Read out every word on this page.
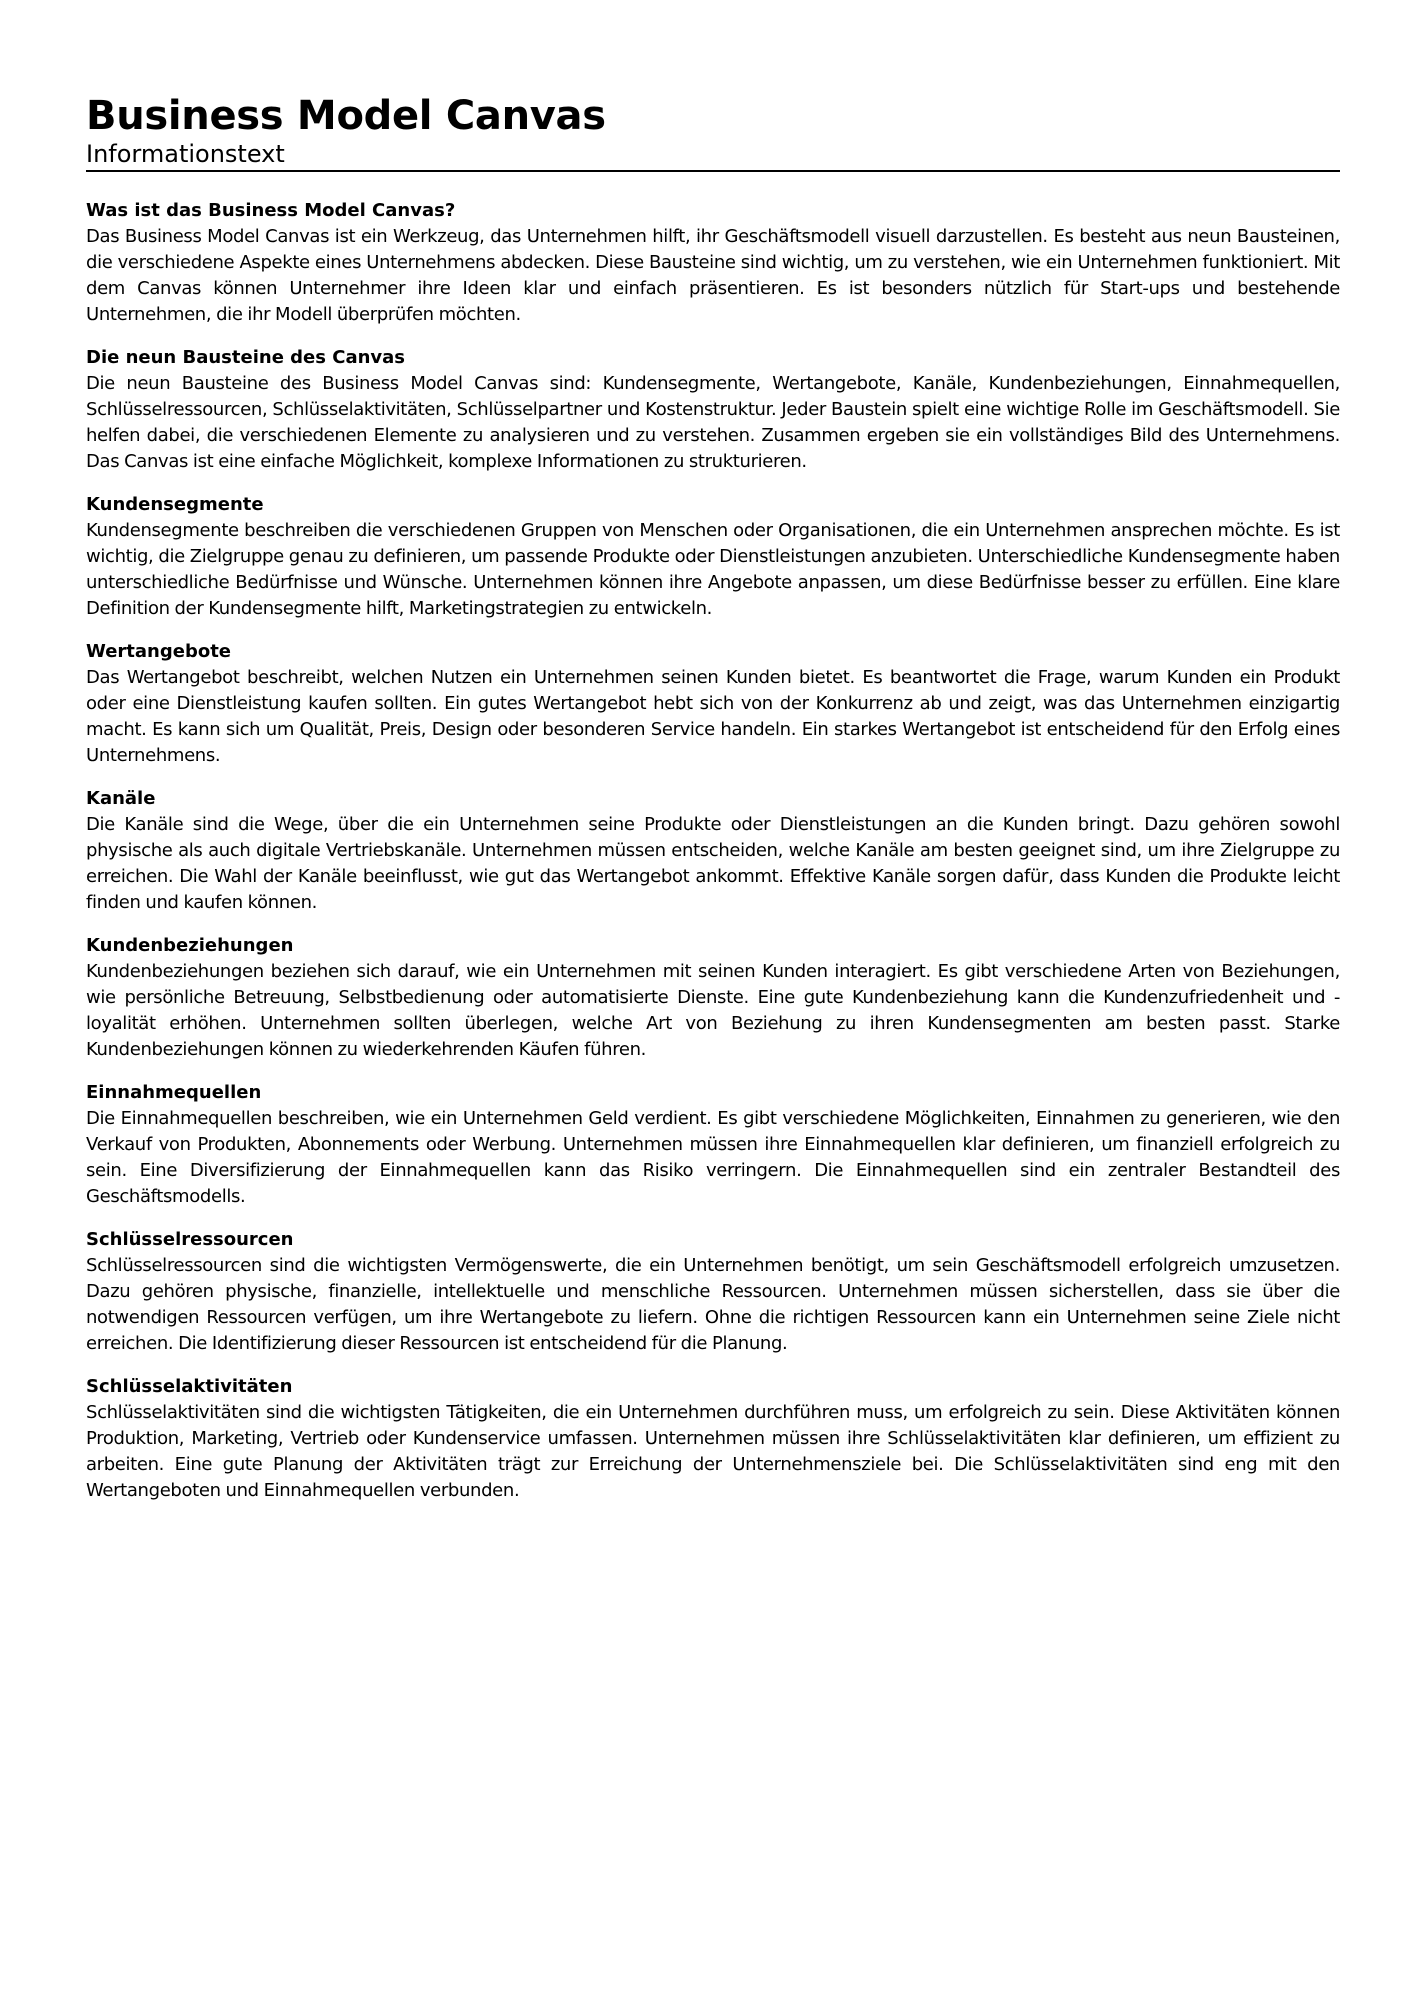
Business Model Canvas
Informationstext
Was ist das Business Model Canvas?

Das Business Model Canvas ist ein Werkzeug, das Unternehmen hilft, ihr Geschäftsmodell visuell darzustellen. Es besteht aus neun Bausteinen, die verschiedene Aspekte eines Unternehmens abdecken. Diese Bausteine sind wichtig, um zu verstehen, wie ein Unternehmen funktioniert. Mit dem Canvas können Unternehmer ihre Ideen klar und einfach präsentieren. Es ist besonders nützlich für Start-ups und bestehende Unternehmen, die ihr Modell überprüfen möchten.

Die neun Bausteine des Canvas

Die neun Bausteine des Business Model Canvas sind: Kundensegmente, Wertangebote, Kanäle, Kundenbeziehungen, Einnahmequellen, Schlüsselressourcen, Schlüsselaktivitäten, Schlüsselpartner und Kostenstruktur. Jeder Baustein spielt eine wichtige Rolle im Geschäftsmodell. Sie helfen dabei, die verschiedenen Elemente zu analysieren und zu verstehen. Zusammen ergeben sie ein vollständiges Bild des Unternehmens. Das Canvas ist eine einfache Möglichkeit, komplexe Informationen zu strukturieren.

Kundensegmente

Kundensegmente beschreiben die verschiedenen Gruppen von Menschen oder Organisationen, die ein Unternehmen ansprechen möchte. Es ist wichtig, die Zielgruppe genau zu definieren, um passende Produkte oder Dienstleistungen anzubieten. Unterschiedliche Kundensegmente haben unterschiedliche Bedürfnisse und Wünsche. Unternehmen können ihre Angebote anpassen, um diese Bedürfnisse besser zu erfüllen. Eine klare Definition der Kundensegmente hilft, Marketingstrategien zu entwickeln.

Wertangebote

Das Wertangebot beschreibt, welchen Nutzen ein Unternehmen seinen Kunden bietet. Es beantwortet die Frage, warum Kunden ein Produkt oder eine Dienstleistung kaufen sollten. Ein gutes Wertangebot hebt sich von der Konkurrenz ab und zeigt, was das Unternehmen einzigartig macht. Es kann sich um Qualität, Preis, Design oder besonderen Service handeln. Ein starkes Wertangebot ist entscheidend für den Erfolg eines Unternehmens.

Kanäle

Die Kanäle sind die Wege, über die ein Unternehmen seine Produkte oder Dienstleistungen an die Kunden bringt. Dazu gehören sowohl physische als auch digitale Vertriebskanäle. Unternehmen müssen entscheiden, welche Kanäle am besten geeignet sind, um ihre Zielgruppe zu erreichen. Die Wahl der Kanäle beeinflusst, wie gut das Wertangebot ankommt. Effektive Kanäle sorgen dafür, dass Kunden die Produkte leicht finden und kaufen können.

Kundenbeziehungen

Kundenbeziehungen beziehen sich darauf, wie ein Unternehmen mit seinen Kunden interagiert. Es gibt verschiedene Arten von Beziehungen, wie persönliche Betreuung, Selbstbedienung oder automatisierte Dienste. Eine gute Kundenbeziehung kann die Kundenzufriedenheit und -loyalität erhöhen. Unternehmen sollten überlegen, welche Art von Beziehung zu ihren Kundensegmenten am besten passt. Starke Kundenbeziehungen können zu wiederkehrenden Käufen führen.

Einnahmequellen

Die Einnahmequellen beschreiben, wie ein Unternehmen Geld verdient. Es gibt verschiedene Möglichkeiten, Einnahmen zu generieren, wie den Verkauf von Produkten, Abonnements oder Werbung. Unternehmen müssen ihre Einnahmequellen klar definieren, um finanziell erfolgreich zu sein. Eine Diversifizierung der Einnahmequellen kann das Risiko verringern. Die Einnahmequellen sind ein zentraler Bestandteil des Geschäftsmodells.

Schlüsselressourcen

Schlüsselressourcen sind die wichtigsten Vermögenswerte, die ein Unternehmen benötigt, um sein Geschäftsmodell erfolgreich umzusetzen. Dazu gehören physische, finanzielle, intellektuelle und menschliche Ressourcen. Unternehmen müssen sicherstellen, dass sie über die notwendigen Ressourcen verfügen, um ihre Wertangebote zu liefern. Ohne die richtigen Ressourcen kann ein Unternehmen seine Ziele nicht erreichen. Die Identifizierung dieser Ressourcen ist entscheidend für die Planung.

Schlüsselaktivitäten

Schlüsselaktivitäten sind die wichtigsten Tätigkeiten, die ein Unternehmen durchführen muss, um erfolgreich zu sein. Diese Aktivitäten können Produktion, Marketing, Vertrieb oder Kundenservice umfassen. Unternehmen müssen ihre Schlüsselaktivitäten klar definieren, um effizient zu arbeiten. Eine gute Planung der Aktivitäten trägt zur Erreichung der Unternehmensziele bei. Die Schlüsselaktivitäten sind eng mit den Wertangeboten und Einnahmequellen verbunden.
